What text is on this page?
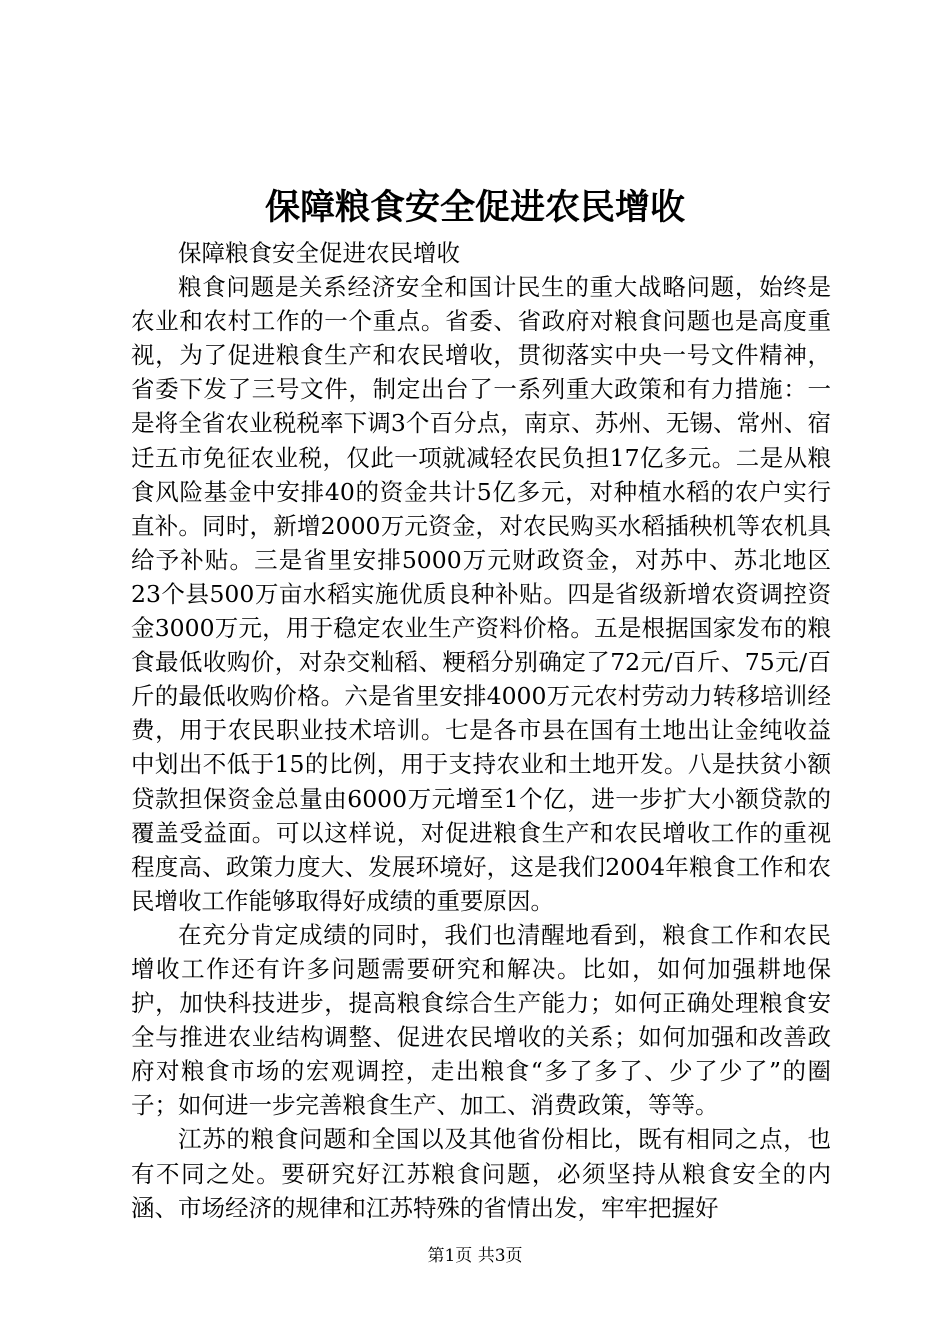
保障粮食安全促进农民增收

保障粮食安全促进农民增收

粮食问题是关系经济安全和国计民生的重大战略问题，始终是农业和农村工作的一个重点。省委、省政府对粮食问题也是高度重视，为了促进粮食生产和农民增收，贯彻落实中央一号文件精神，省委下发了三号文件，制定出台了一系列重大政策和有力措施：一是将全省农业税税率下调3个百分点，南京、苏州、无锡、常州、宿迁五市免征农业税，仅此一项就减轻农民负担17亿多元。二是从粮食风险基金中安排40的资金共计5亿多元，对种植水稻的农户实行直补。同时，新增2000万元资金，对农民购买水稻插秧机等农机具给予补贴。三是省里安排5000万元财政资金，对苏中、苏北地区23个县500万亩水稻实施优质良种补贴。四是省级新增农资调控资金3000万元，用于稳定农业生产资料价格。五是根据国家发布的粮食最低收购价，对杂交籼稻、粳稻分别确定了72元/百斤、75元/百斤的最低收购价格。六是省里安排4000万元农村劳动力转移培训经费，用于农民职业技术培训。七是各市县在国有土地出让金纯收益中划出不低于15的比例，用于支持农业和土地开发。八是扶贫小额贷款担保资金总量由6000万元增至1个亿，进一步扩大小额贷款的覆盖受益面。可以这样说，对促进粮食生产和农民增收工作的重视程度高、政策力度大、发展环境好，这是我们2004年粮食工作和农民增收工作能够取得好成绩的重要原因。

在充分肯定成绩的同时，我们也清醒地看到，粮食工作和农民增收工作还有许多问题需要研究和解决。比如，如何加强耕地保护，加快科技进步，提高粮食综合生产能力；如何正确处理粮食安全与推进农业结构调整、促进农民增收的关系；如何加强和改善政府对粮食市场的宏观调控，走出粮食“多了多了、少了少了”的圈子；如何进一步完善粮食生产、加工、消费政策，等等。

江苏的粮食问题和全国以及其他省份相比，既有相同之点，也有不同之处。要研究好江苏粮食问题，必须坚持从粮食安全的内涵、市场经济的规律和江苏特殊的省情出发，牢牢把握好

第1页 共3页
